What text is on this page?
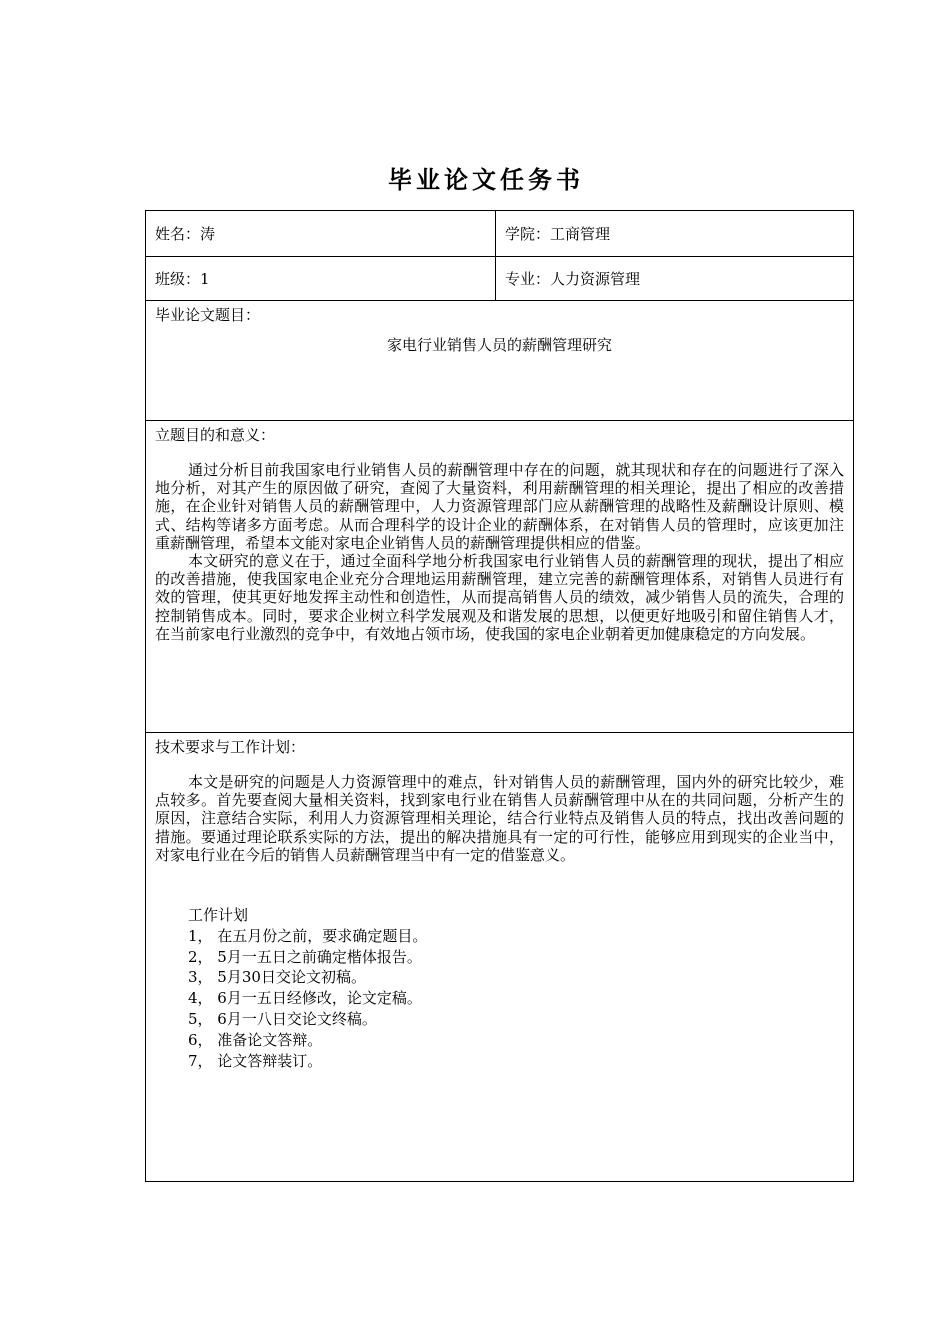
毕业论文任务书
姓名：涛	学院：工商管理
班级：1	专业：人力资源管理
毕业论文题目：
家电行业销售人员的薪酬管理研究
立题目的和意义：

通过分析目前我国家电行业销售人员的薪酬管理中存在的问题，就其现状和存在的问题进行了深入地分析，对其产生的原因做了研究，查阅了大量资料，利用薪酬管理的相关理论，提出了相应的改善措施，在企业针对销售人员的薪酬管理中，人力资源管理部门应从薪酬管理的战略性及薪酬设计原则、模式、结构等诸多方面考虑。从而合理科学的设计企业的薪酬体系，在对销售人员的管理时，应该更加注重薪酬管理，希望本文能对家电企业销售人员的薪酬管理提供相应的借鉴。

本文研究的意义在于，通过全面科学地分析我国家电行业销售人员的薪酬管理的现状，提出了相应的改善措施，使我国家电企业充分合理地运用薪酬管理，建立完善的薪酬管理体系，对销售人员进行有效的管理，使其更好地发挥主动性和创造性，从而提高销售人员的绩效，减少销售人员的流失，合理的控制销售成本。同时，要求企业树立科学发展观及和谐发展的思想，以便更好地吸引和留住销售人才，在当前家电行业激烈的竞争中，有效地占领市场，使我国的家电企业朝着更加健康稳定的方向发展。

技术要求与工作计划：

本文是研究的问题是人力资源管理中的难点，针对销售人员的薪酬管理，国内外的研究比较少，难点较多。首先要查阅大量相关资料，找到家电行业在销售人员薪酬管理中从在的共同问题，分析产生的原因，注意结合实际，利用人力资源管理相关理论，结合行业特点及销售人员的特点，找出改善问题的措施。要通过理论联系实际的方法，提出的解决措施具有一定的可行性，能够应用到现实的企业当中，对家电行业在今后的销售人员薪酬管理当中有一定的借鉴意义。

工作计划
1， 在五月份之前，要求确定题目。
2， 5月一五日之前确定楷体报告。
3， 5月30日交论文初稿。
4， 6月一五日经修改，论文定稿。
5， 6月一八日交论文终稿。
6， 准备论文答辩。
7， 论文答辩装订。
